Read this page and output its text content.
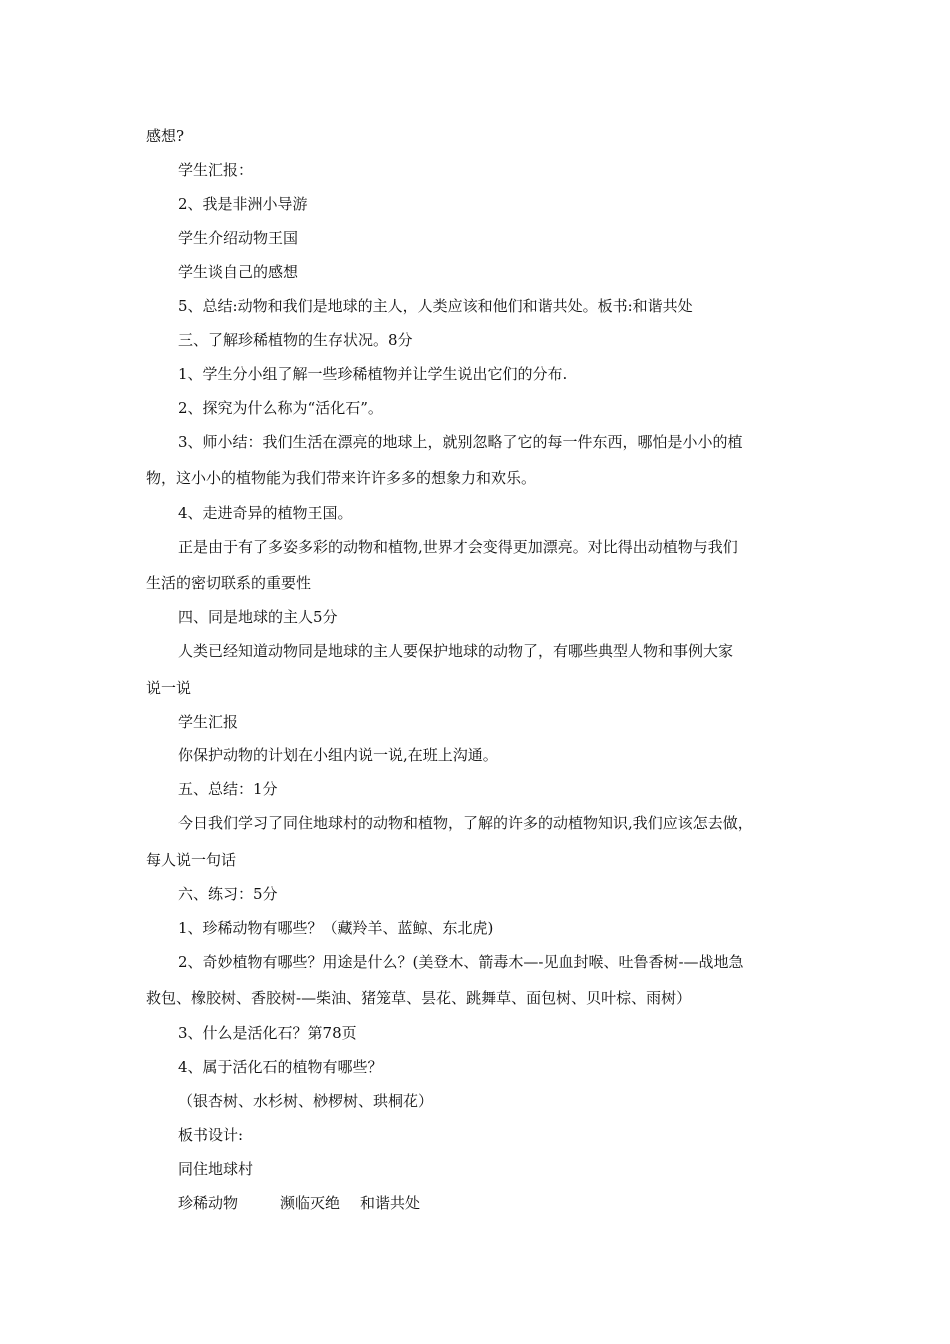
感想?
学生汇报：
2、我是非洲小导游
学生介绍动物王国
学生谈自己的感想
5、总结:动物和我们是地球的主人，人类应该和他们和谐共处。板书:和谐共处
三、了解珍稀植物的生存状况。8分
1、学生分小组了解一些珍稀植物并让学生说出它们的分布.
2、探究为什么称为“活化石”。
3、师小结：我们生活在漂亮的地球上，就别忽略了它的每一件东西，哪怕是小小的植
物，这小小的植物能为我们带来许许多多的想象力和欢乐。
4、走进奇异的植物王国。
正是由于有了多姿多彩的动物和植物,世界才会变得更加漂亮。对比得出动植物与我们
生活的密切联系的重要性
四、同是地球的主人5分
人类已经知道动物同是地球的主人要保护地球的动物了，有哪些典型人物和事例大家
说一说
学生汇报
你保护动物的计划在小组内说一说,在班上沟通。
五、总结：1分
今日我们学习了同住地球村的动物和植物，了解的许多的动植物知识,我们应该怎去做，
每人说一句话
六、练习：5分
1、珍稀动物有哪些？（藏羚羊、蓝鲸、东北虎)
2、奇妙植物有哪些？用途是什么？(美登木、箭毒木—-见血封喉、吐鲁香树-—战地急
救包、橡胶树、香胶树-—柴油、猪笼草、昙花、跳舞草、面包树、贝叶棕、雨树）
3、什么是活化石？第78页
4、属于活化石的植物有哪些？
（银杏树、水杉树、桫椤树、珙桐花）
板书设计:
同住地球村
珍稀动物	濒临灭绝 和谐共处
